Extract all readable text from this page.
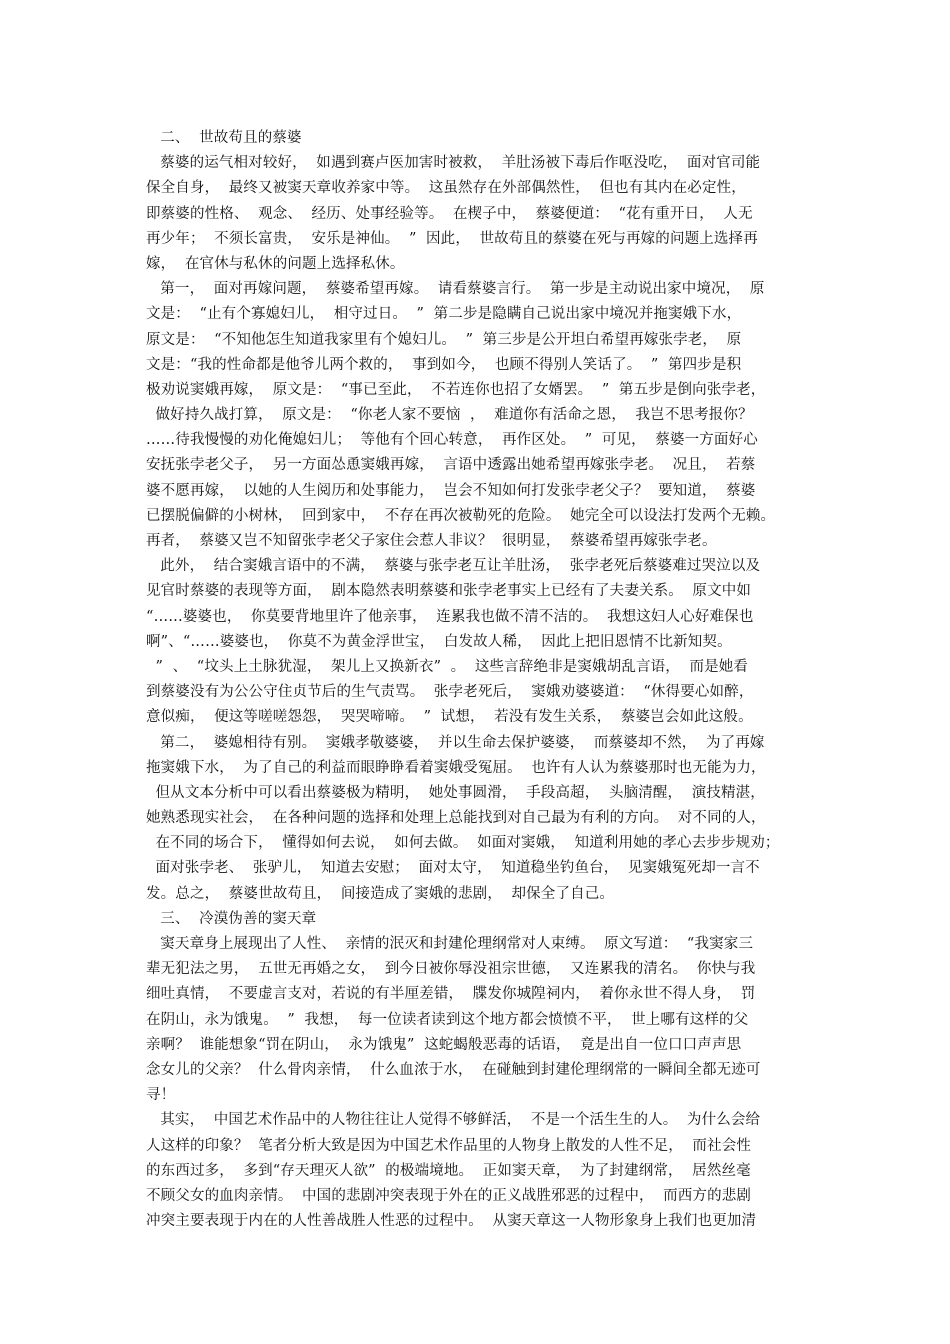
二、  世故苟且的蔡婆
蔡婆的运气相对较好，  如遇到赛卢医加害时被救，  羊肚汤被下毒后作呕没吃，  面对官司能
保全自身，  最终又被窦天章收养家中等。  这虽然存在外部偶然性，  但也有其内在必定性，
即蔡婆的性格、  观念、  经历、处事经验等。  在楔子中，  蔡婆便道：  “花有重开日，  人无
再少年；  不须长富贵，  安乐是神仙。  ”  因此，  世故苟且的蔡婆在死与再嫁的问题上选择再
嫁，  在官休与私休的问题上选择私休。
第一，  面对再嫁问题，  蔡婆希望再嫁。  请看蔡婆言行。  第一步是主动说出家中境况，  原
文是：  “止有个寡媳妇儿，  相守过日。  ”  第二步是隐瞒自己说出家中境况并拖窦娥下水，
原文是：  “不知他怎生知道我家里有个媳妇儿。  ”  第三步是公开坦白希望再嫁张孛老，  原
文是：“我的性命都是他爷儿两个救的，  事到如今，  也顾不得别人笑话了。  ”  第四步是积
极劝说窦娥再嫁，  原文是：  “事已至此，  不若连你也招了女婿罢。  ”  第五步是倒向张孛老，
做好持久战打算，  原文是：  “你老人家不要恼  ，  难道你有活命之恩，  我岂不思考报你？
……待我慢慢的劝化俺媳妇儿；  等他有个回心转意，  再作区处。  ”  可见，  蔡婆一方面好心
安抚张孛老父子，  另一方面怂恿窦娥再嫁，  言语中透露出她希望再嫁张孛老。  况且，  若蔡
婆不愿再嫁，  以她的人生阅历和处事能力，  岂会不知如何打发张孛老父子？  要知道，  蔡婆
已摆脱偏僻的小树林，  回到家中，  不存在再次被勒死的危险。  她完全可以设法打发两个无赖。
再者，  蔡婆又岂不知留张孛老父子家住会惹人非议？  很明显，  蔡婆希望再嫁张孛老。
此外，  结合窦娥言语中的不满，  蔡婆与张孛老互让羊肚汤，  张孛老死后蔡婆难过哭泣以及
见官时蔡婆的表现等方面，  剧本隐然表明蔡婆和张孛老事实上已经有了夫妻关系。  原文中如
“……婆婆也，  你莫要背地里许了他亲事，  连累我也做不清不洁的。  我想这妇人心好难保也
啊”、“……婆婆也，  你莫不为黄金浮世宝，  白发故人稀，  因此上把旧恩情不比新知契。
”  、  “坟头上土脉犹湿，  架儿上又换新衣”  。  这些言辞绝非是窦娥胡乱言语，  而是她看
到蔡婆没有为公公守住贞节后的生气责骂。  张孛老死后，  窦娥劝婆婆道：  “休得要心如醉，
意似痴，  便这等嗟嗟怨怨，  哭哭啼啼。  ”  试想，  若没有发生关系，  蔡婆岂会如此这般。
第二，  婆媳相待有别。  窦娥孝敬婆婆，  并以生命去保护婆婆，  而蔡婆却不然，  为了再嫁
拖窦娥下水，  为了自己的利益而眼睁睁看着窦娥受冤屈。  也许有人认为蔡婆那时也无能为力，
但从文本分析中可以看出蔡婆极为精明，  她处事圆滑，  手段高超，  头脑清醒，  演技精湛，
她熟悉现实社会，  在各种问题的选择和处理上总能找到对自己最为有利的方向。  对不同的人，
在不同的场合下，  懂得如何去说，  如何去做。  如面对窦娥，  知道利用她的孝心去步步规劝；
面对张孛老、  张驴儿，  知道去安慰；  面对太守，  知道稳坐钓鱼台，  见窦娥冤死却一言不
发。总之，  蔡婆世故苟且，  间接造成了窦娥的悲剧，  却保全了自己。
三、  冷漠伪善的窦天章
窦天章身上展现出了人性、  亲情的泯灭和封建伦理纲常对人束缚。  原文写道：  “我窦家三
辈无犯法之男，  五世无再婚之女，  到今日被你辱没祖宗世德，  又连累我的清名。  你快与我
细吐真情，  不要虚言支对，若说的有半厘差错，  牒发你城隍祠内，  着你永世不得人身，  罚
在阴山，永为饿鬼。  ”  我想，  每一位读者读到这个地方都会愤愤不平，  世上哪有这样的父
亲啊？  谁能想象“罚在阴山，  永为饿鬼”  这蛇蝎般恶毒的话语，  竟是出自一位口口声声思
念女儿的父亲？  什么骨肉亲情，  什么血浓于水，  在碰触到封建伦理纲常的一瞬间全都无迹可
寻！
其实，  中国艺术作品中的人物往往让人觉得不够鲜活，  不是一个活生生的人。  为什么会给
人这样的印象？  笔者分析大致是因为中国艺术作品里的人物身上散发的人性不足，  而社会性
的东西过多，  多到“存天理灭人欲”  的极端境地。  正如窦天章，  为了封建纲常，  居然丝毫
不顾父女的血肉亲情。  中国的悲剧冲突表现于外在的正义战胜邪恶的过程中，  而西方的悲剧
冲突主要表现于内在的人性善战胜人性恶的过程中。  从窦天章这一人物形象身上我们也更加清
